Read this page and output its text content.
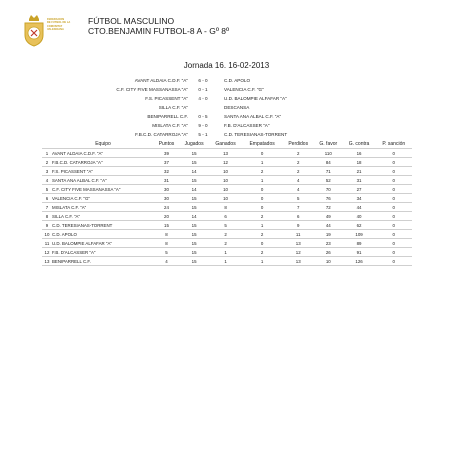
FEDERACION
DE FUTBOL DE LA
COMUNITAT
VALENCIANA
FÚTBOL MASCULINO
CTO.BENJAMIN FUTBOL-8 A - Gº 8º
Jornada 16. 16-02-2013
AVANT ALDAIA C.D.F. "A"	6 - 0	C.D. APOLO
C.F. CITY FIVE MASSANASSA "A"	0 - 1	VALENCIA C.F. "G"
F.S. PICASSENT "A"	4 - 0	U.D. BALOMPIE ALFAFAR "A"
SILLA C.F. "A"	DESCANSA
BENIPARRELL C.F.	0 - 5	SANTA ANA ALBAL C.F. "A"
MISLATA C.F. "A"	9 - 0	F.B. D'ALCASSER "A"
F.B.C.D. CATARROJA "A"	5 - 1	C.D. TERESIANAS-TORRENT
	Equipo	Puntos	Jugados	Ganados	Empatados	Perdidos	G. favor	G. contra	P. sanción
1	AVANT ALDAIA C.D.F. "A"	39	15	13	0	2	110	16	0
2	F.B.C.D. CATARROJA "A"	37	15	12	1	2	84	18	0
3	F.S. PICASSENT "A"	32	14	10	2	2	71	21	0
4	SANTA ANA ALBAL C.F. "A"	31	15	10	1	4	52	31	0
5	C.F. CITY FIVE MASSANASSA "A"	30	14	10	0	4	70	27	0
6	VALENCIA C.F. "G"	30	15	10	0	5	76	34	0
7	MISLATA C.F. "A"	24	15	8	0	7	72	44	0
8	SILLA C.F. "A"	20	14	6	2	6	49	40	0
9	C.D. TERESIANAS-TORRENT	15	15	5	1	9	44	62	0
10	C.D. APOLO	8	15	2	2	11	19	109	0
11	U.D. BALOMPIE ALFAFAR "A"	8	15	2	0	13	23	89	0
12	F.B. D'ALCASSER "A"	5	15	1	2	12	26	91	0
13	BENIPARRELL C.F.	4	15	1	1	13	10	126	0
